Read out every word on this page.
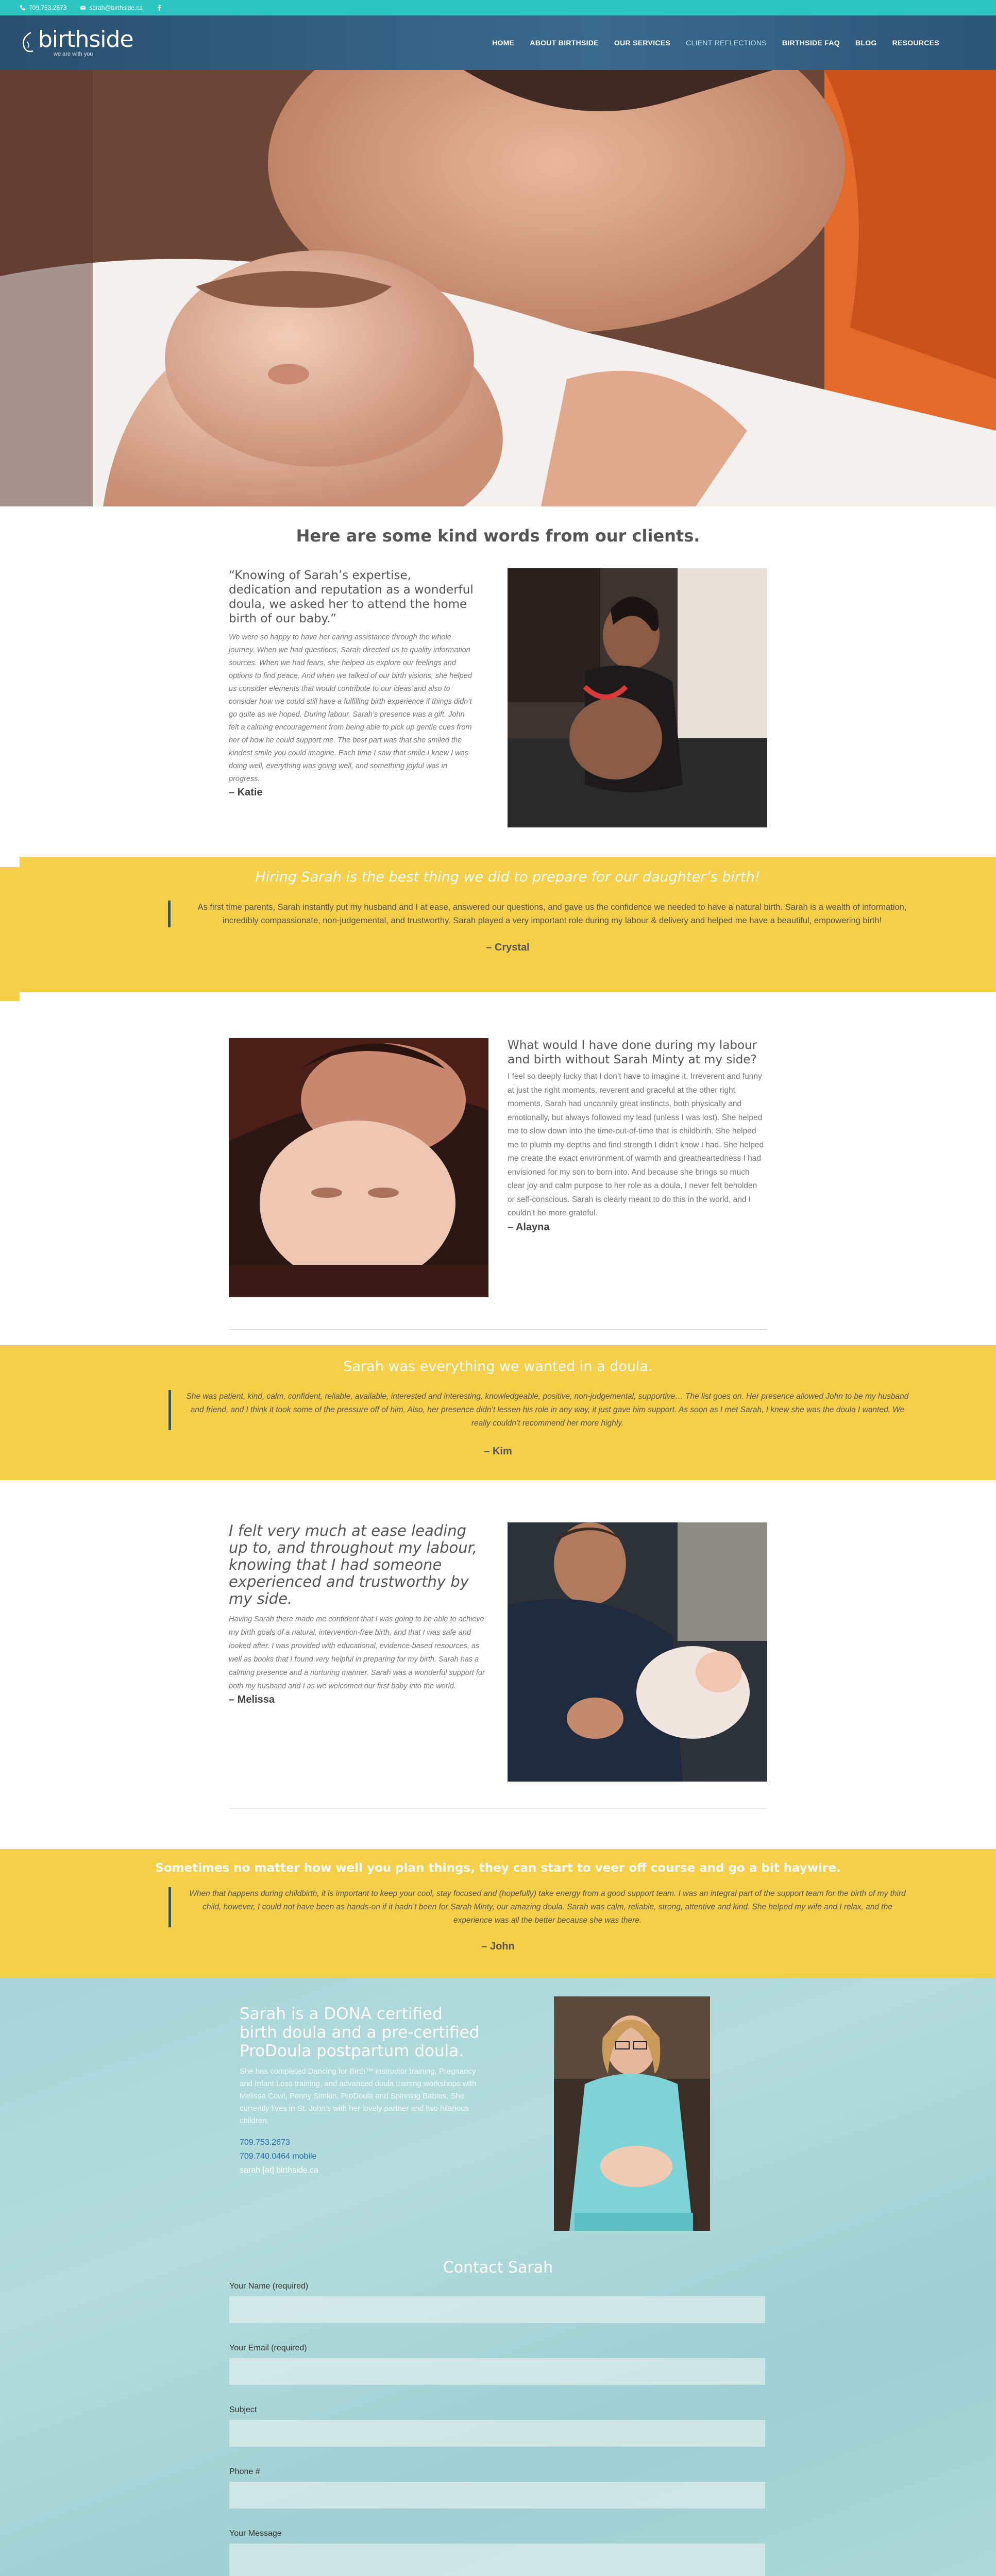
709.753.2673	sarah@birthside.ca
birthside
we are with you
HOME ABOUT BIRTHSIDE OUR SERVICES CLIENT REFLECTIONS BIRTHSIDE FAQ BLOG RESOURCES
Here are some kind words from our clients.

“Knowing of Sarah’s expertise, dedication and reputation as a wonderful doula, we asked her to attend the home birth of our baby.”

We were so happy to have her caring assistance through the whole journey. When we had questions, Sarah directed us to quality information sources. When we had fears, she helped us explore our feelings and options to find peace. And when we talked of our birth visions, she helped us consider elements that would contribute to our ideas and also to consider how we could still have a fulfilling birth experience if things didn’t go quite as we hoped. During labour, Sarah’s presence was a gift. John felt a calming encouragement from being able to pick up gentle cues from her of how he could support me. The best part was that she smiled the kindest smile you could imagine. Each time I saw that smile I knew I was doing well, everything was going well, and something joyful was in progress.

– Katie
Hiring Sarah is the best thing we did to prepare for our daughter’s birth!
As first time parents, Sarah instantly put my husband and I at ease, answered our questions, and gave us the confidence we needed to have a natural birth. Sarah is a wealth of information, incredibly compassionate, non-judgemental, and trustworthy. Sarah played a very important role during my labour & delivery and helped me have a beautiful, empowering birth!
– Crystal

What would I have done during my labour and birth without Sarah Minty at my side?

I feel so deeply lucky that I don’t have to imagine it. Irreverent and funny at just the right moments, reverent and graceful at the other right moments, Sarah had uncannily great instincts, both physically and emotionally, but always followed my lead (unless I was lost). She helped me to slow down into the time-out-of-time that is childbirth. She helped me to plumb my depths and find strength I didn’t know I had. She helped me create the exact environment of warmth and greatheartedness I had envisioned for my son to born into. And because she brings so much clear joy and calm purpose to her role as a doula, I never felt beholden or self-conscious. Sarah is clearly meant to do this in the world, and I couldn’t be more grateful.

– Alayna
Sarah was everything we wanted in a doula.
She was patient, kind, calm, confident, reliable, available, interested and interesting, knowledgeable, positive, non-judgemental, supportive… The list goes on. Her presence allowed John to be my husband and friend, and I think it took some of the pressure off of him. Also, her presence didn’t lessen his role in any way, it just gave him support. As soon as I met Sarah, I knew she was the doula I wanted. We really couldn’t recommend her more highly.
– Kim

I felt very much at ease leading up to, and throughout my labour, knowing that I had someone experienced and trustworthy by my side.

Having Sarah there made me confident that I was going to be able to achieve my birth goals of a natural, intervention-free birth, and that I was safe and looked after. I was provided with educational, evidence-based resources, as well as books that I found very helpful in preparing for my birth. Sarah has a calming presence and a nurturing manner. Sarah was a wonderful support for both my husband and I as we welcomed our first baby into the world.

– Melissa
Sometimes no matter how well you plan things, they can start to veer off course and go a bit haywire.
When that happens during childbirth, it is important to keep your cool, stay focused and (hopefully) take energy from a good support team. I was an integral part of the support team for the birth of my third child, however, I could not have been as hands-on if it hadn’t been for Sarah Minty, our amazing doula. Sarah was calm, reliable, strong, attentive and kind. She helped my wife and I relax, and the experience was all the better because she was there.
– John
Sarah is a DONA certified birth doula and a pre-certified ProDoula postpartum doula.

She has completed Dancing for Birth™ instructor training, Pregnancy and Infant Loss training, and advanced doula training workshops with Melissa Cowl, Penny Simkin, ProDoula and Spinning Babies. She currently lives in St. John’s with her lovely partner and two hilarious children.

709.753.2673
709.740.0464 mobile
sarah [at] birthside.ca
Contact Sarah
Your Name (required)
Your Email (required)
Subject
Phone #
Your Message
